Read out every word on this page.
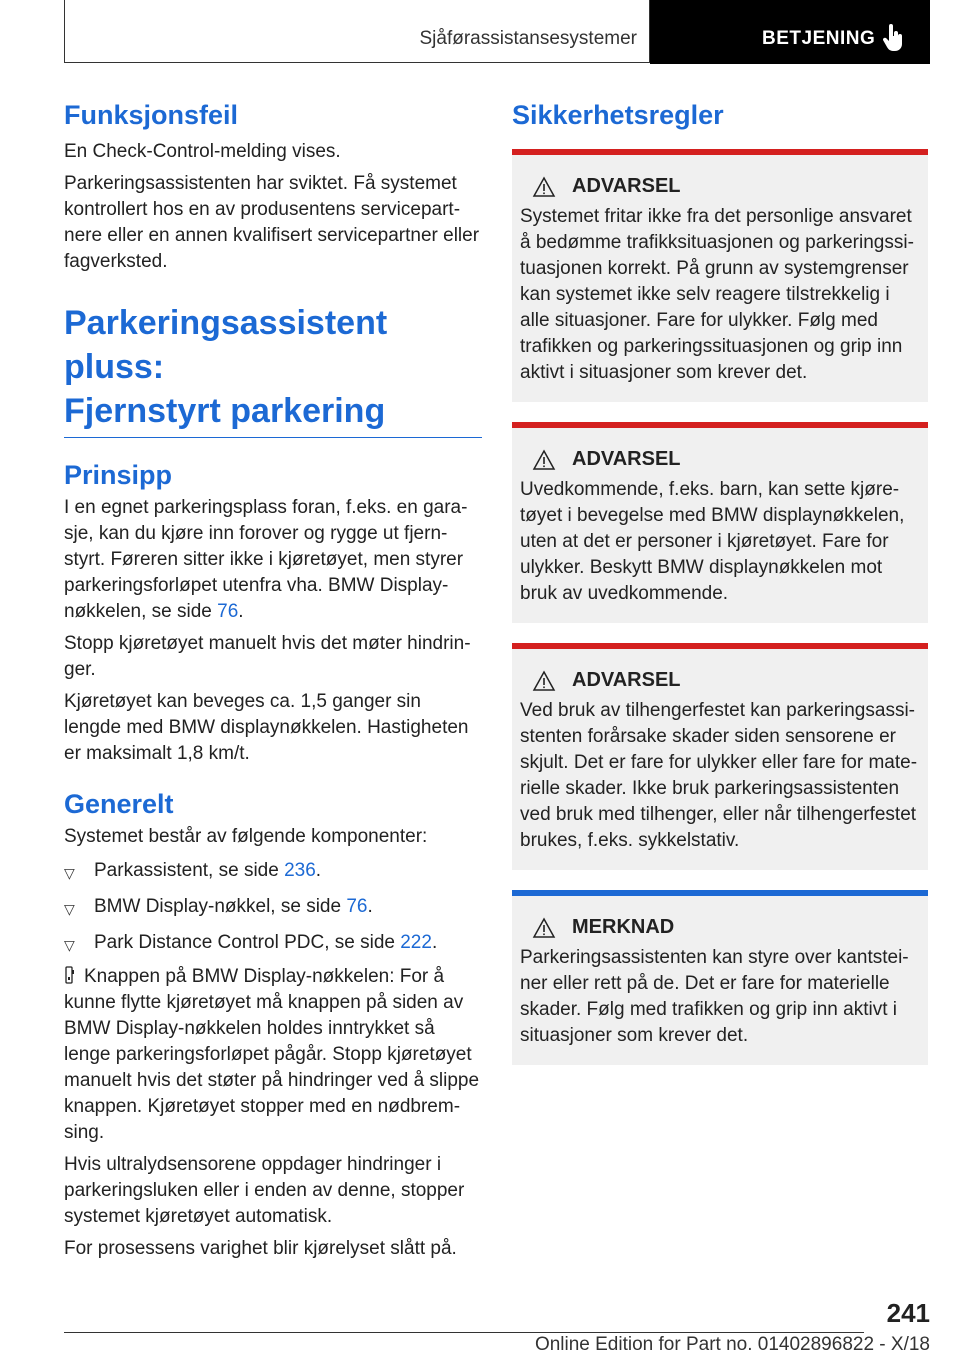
Sjåførassistansesystemer	BETJENING
Funksjonsfeil

En Check-Control-melding vises.

Parkeringsassistenten har sviktet. Få systemet kontrollert hos en av produsentens servicepartnere eller en annen kvalifisert servicepartner eller fagverksted.

Parkeringsassistent pluss:
Fjernstyrt parkering
Prinsipp

I en egnet parkeringsplass foran, f.eks. en garasje, kan du kjøre inn forover og rygge ut fjernstyrt. Føreren sitter ikke i kjøretøyet, men styrer parkeringsforløpet utenfra vha. BMW Displaynøkkelen, se side 76.

Stopp kjøretøyet manuelt hvis det møter hindringer.

Kjøretøyet kan beveges ca. 1,5 ganger sin lengde med BMW displaynøkkelen. Hastigheten er maksimalt 1,8 km/t.

Generelt

Systemet består av følgende komponenter:

▽ Parkassistent, se side 236.
▽ BMW Display-nøkkel, se side 76.
▽ Park Distance Control PDC, se side 222.

Knappen på BMW Display-nøkkelen: For å kunne flytte kjøretøyet må knappen på siden av BMW Display-nøkkelen holdes inntrykket så lenge parkeringsforløpet pågår. Stopp kjøretøyet manuelt hvis det støter på hindringer ved å slippe knappen. Kjøretøyet stopper med en nødbremsing.

Hvis ultralydsensorene oppdager hindringer i parkeringsluken eller i enden av denne, stopper systemet kjøretøyet automatisk.

For prosessens varighet blir kjørelyset slått på.

Sikkerhetsregler
ADVARSEL

Systemet fritar ikke fra det personlige ansvaret å bedømme trafikksituasjonen og parkeringssituasjonen korrekt. På grunn av systemgrenser kan systemet ikke selv reagere tilstrekkelig i alle situasjoner. Fare for ulykker. Følg med trafikken og parkeringssituasjonen og grip inn aktivt i situasjoner som krever det.

ADVARSEL

Uvedkommende, f.eks. barn, kan sette kjøretøyet i bevegelse med BMW displaynøkkelen, uten at det er personer i kjøretøyet. Fare for ulykker. Beskytt BMW displaynøkkelen mot bruk av uvedkommende.

ADVARSEL

Ved bruk av tilhengerfestet kan parkeringsassistenten forårsake skader siden sensorene er skjult. Det er fare for ulykker eller fare for materielle skader. Ikke bruk parkeringsassistenten ved bruk med tilhenger, eller når tilhengerfestet brukes, f.eks. sykkelstativ.

MERKNAD

Parkeringsassistenten kan styre over kantsteiner eller rett på de. Det er fare for materielle skader. Følg med trafikken og grip inn aktivt i situasjoner som krever det.

241
Online Edition for Part no. 01402896822 - X/18
